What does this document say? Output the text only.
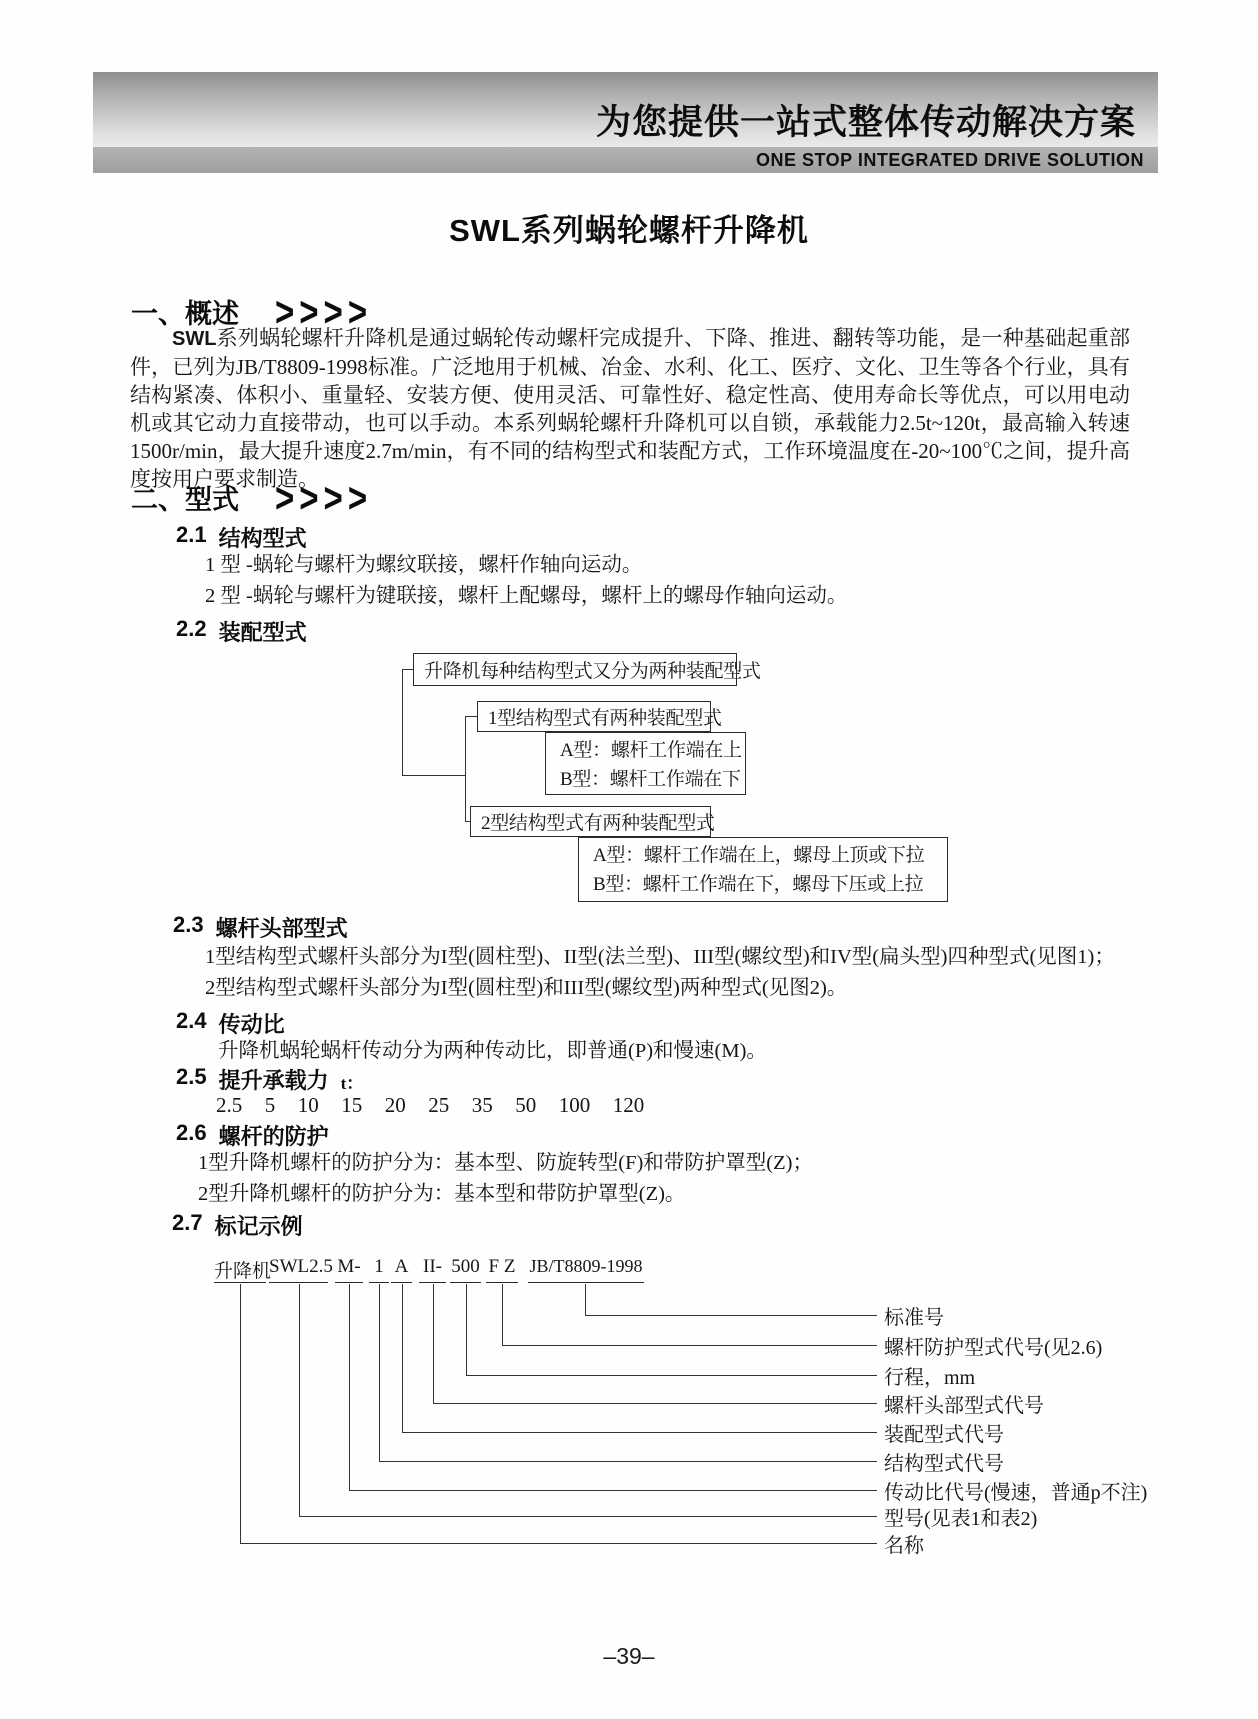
为您提供一站式整体传动解决方案
ONE STOP INTEGRATED DRIVE SOLUTION
SWL系列蜗轮螺杆升降机
一、概述 >>>>
SWL系列蜗轮螺杆升降机是通过蜗轮传动螺杆完成提升、下降、推进、翻转等功能，是一种基础起重部件，已列为JB/T8809-1998标准。广泛地用于机械、冶金、水利、化工、医疗、文化、卫生等各个行业，具有结构紧凑、体积小、重量轻、安装方便、使用灵活、可靠性好、稳定性高、使用寿命长等优点，可以用电动机或其它动力直接带动，也可以手动。本系列蜗轮螺杆升降机可以自锁，承载能力2.5t~120t，最高输入转速1500r/min，最大提升速度2.7m/min，有不同的结构型式和装配方式，工作环境温度在-20~100℃之间，提升高度按用户要求制造。
二、型式 >>>>
2.1 结构型式
1 型 -蜗轮与螺杆为螺纹联接，螺杆作轴向运动。
2 型 -蜗轮与螺杆为键联接，螺杆上配螺母，螺杆上的螺母作轴向运动。
2.2 装配型式
升降机每种结构型式又分为两种装配型式
1型结构型式有两种装配型式
A型：螺杆工作端在上
B型：螺杆工作端在下
2型结构型式有两种装配型式
A型：螺杆工作端在上，螺母上顶或下拉
B型：螺杆工作端在下，螺母下压或上拉
2.3 螺杆头部型式
1型结构型式螺杆头部分为I型(圆柱型)、II型(法兰型)、III型(螺纹型)和IV型(扁头型)四种型式(见图1)；
2型结构型式螺杆头部分为I型(圆柱型)和III型(螺纹型)两种型式(见图2)。
2.4 传动比
升降机蜗轮蜗杆传动分为两种传动比，即普通(P)和慢速(M)。
2.5 提升承载力 t：
2.5  5  10  15  20  25  35  50  100  120
2.6 螺杆的防护
1型升降机螺杆的防护分为：基本型、防旋转型(F)和带防护罩型(Z)；
2型升降机螺杆的防护分为：基本型和带防护罩型(Z)。
2.7 标记示例
升降机
SWL2.5 M- 1 A II- 500 F Z JB/T8809-1998
标准号
螺杆防护型式代号(见2.6)
行程，mm
螺杆头部型式代号
装配型式代号
结构型式代号
传动比代号(慢速，普通p不注)
型号(见表1和表2)
名称
–39–
